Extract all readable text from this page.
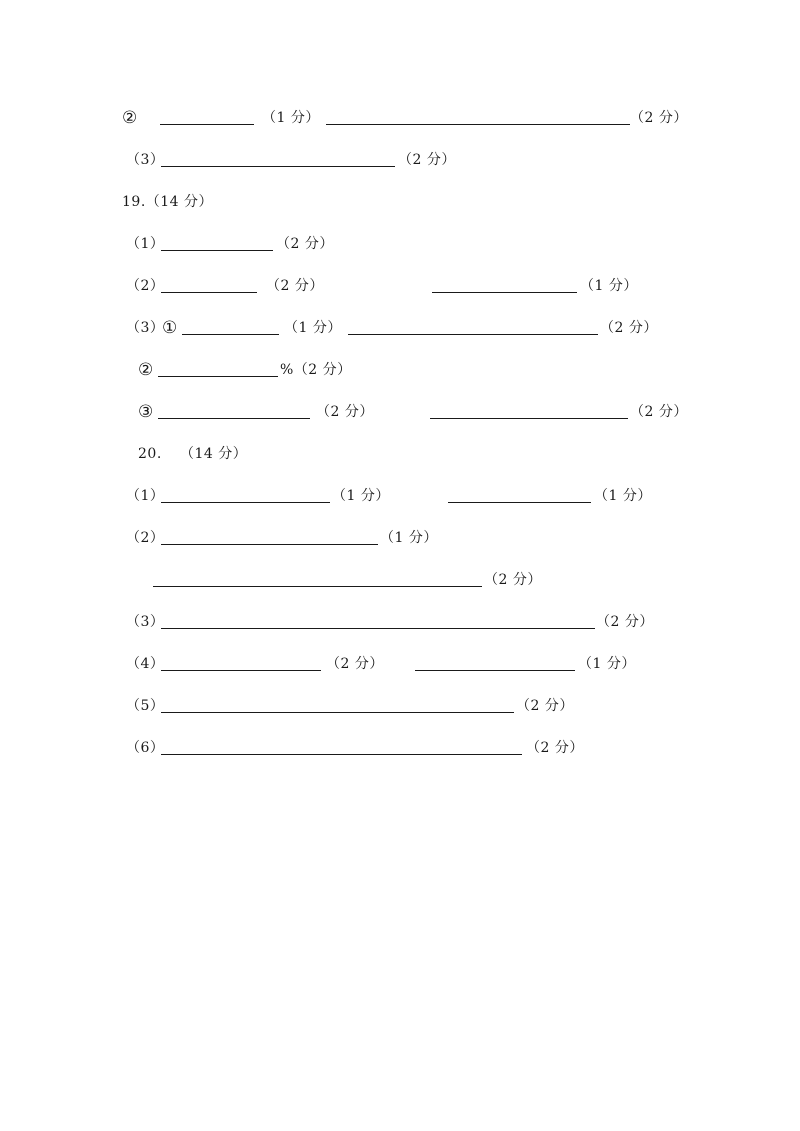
②	（1 分）	（2 分）
（3）	（2 分）
19.（14 分）
（1）	（2 分）
（2）	（2 分）	（1 分）
（3）
①	（1 分）	（2 分）
②	%（2 分）
③	（2 分）	（2 分）
20. （14 分）
（1）	（1 分）	（1 分）
（2）	（1 分）
（2 分）
（3）	（2 分）
（4）	（2 分）	（1 分）
（5）	（2 分）
（6）	（2 分）
